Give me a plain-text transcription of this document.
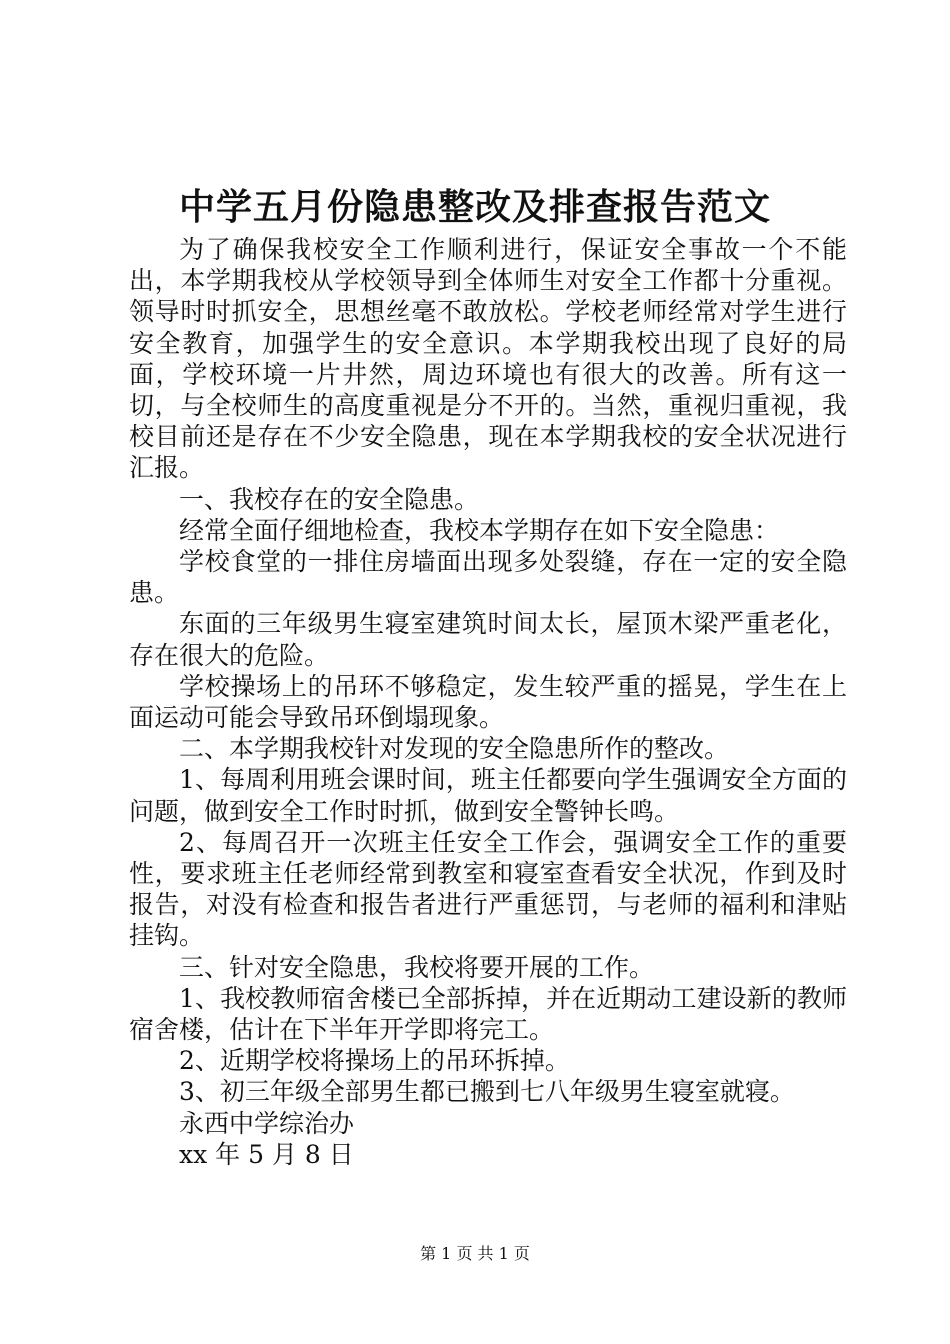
中学五月份隐患整改及排查报告范文

为了确保我校安全工作顺利进行，保证安全事故一个不能出，本学期我校从学校领导到全体师生对安全工作都十分重视。领导时时抓安全，思想丝毫不敢放松。学校老师经常对学生进行安全教育，加强学生的安全意识。本学期我校出现了良好的局面，学校环境一片井然，周边环境也有很大的改善。所有这一切，与全校师生的高度重视是分不开的。当然，重视归重视，我校目前还是存在不少安全隐患，现在本学期我校的安全状况进行汇报。

一、我校存在的安全隐患。

经常全面仔细地检查，我校本学期存在如下安全隐患：

学校食堂的一排住房墙面出现多处裂缝，存在一定的安全隐患。

东面的三年级男生寝室建筑时间太长，屋顶木梁严重老化，存在很大的危险。

学校操场上的吊环不够稳定，发生较严重的摇晃，学生在上面运动可能会导致吊环倒塌现象。

二、本学期我校针对发现的安全隐患所作的整改。

1、每周利用班会课时间，班主任都要向学生强调安全方面的问题，做到安全工作时时抓，做到安全警钟长鸣。

2、每周召开一次班主任安全工作会，强调安全工作的重要性，要求班主任老师经常到教室和寝室查看安全状况，作到及时报告，对没有检查和报告者进行严重惩罚，与老师的福利和津贴挂钩。

三、针对安全隐患，我校将要开展的工作。

1、我校教师宿舍楼已全部拆掉，并在近期动工建设新的教师宿舍楼，估计在下半年开学即将完工。

2、近期学校将操场上的吊环拆掉。

3、初三年级全部男生都已搬到七八年级男生寝室就寝。

永西中学综治办

xx 年 5 月 8 日

第 1 页 共 1 页
